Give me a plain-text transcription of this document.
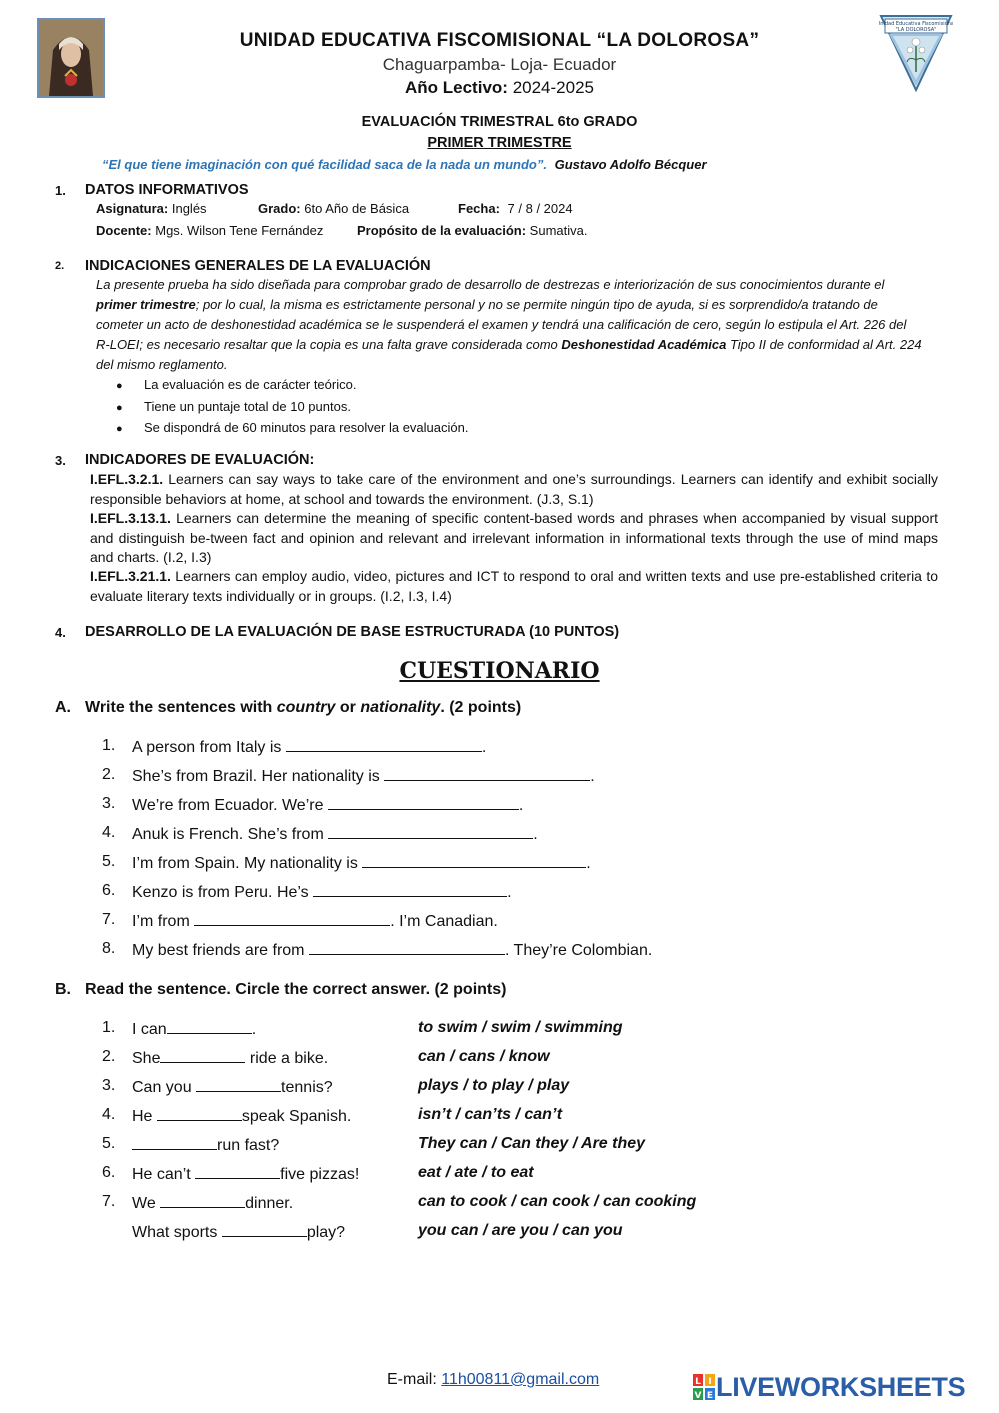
Unidad Educativa Fiscomisional
"LA DOLOROSA"
UNIDAD EDUCATIVA FISCOMISIONAL “LA DOLOROSA”
Chaguarpamba- Loja- Ecuador
Año Lectivo: 2024-2025
EVALUACIÓN TRIMESTRAL 6to GRADO
PRIMER TRIMESTRE
“El que tiene imaginación con qué facilidad saca de la nada un mundo”. Gustavo Adolfo Bécquer
1. DATOS INFORMATIVOS
Asignatura: Inglés	Grado: 6to Año de Básica	Fecha: 7 / 8 / 2024
Docente: Mgs. Wilson Tene Fernández	Propósito de la evaluación: Sumativa.
2. INDICACIONES GENERALES DE LA EVALUACIÓN
La presente prueba ha sido diseñada para comprobar grado de desarrollo de destrezas e interiorización de sus conocimientos durante el
primer trimestre; por lo cual, la misma es estrictamente personal y no se permite ningún tipo de ayuda, si es sorprendido/a tratando de
cometer un acto de deshonestidad académica se le suspenderá el examen y tendrá una calificación de cero, según lo estipula el Art. 226 del
R-LOEI; es necesario resaltar que la copia es una falta grave considerada como Deshonestidad Académica Tipo II de conformidad al Art. 224
del mismo reglamento.
● La evaluación es de carácter teórico.
● Tiene un puntaje total de 10 puntos.
● Se dispondrá de 60 minutos para resolver la evaluación.
3. INDICADORES DE EVALUACIÓN:
I.EFL.3.2.1. Learners can say ways to take care of the environment and one’s surroundings. Learners can identify and exhibit socially responsible behaviors at home, at school and towards the environment. (J.3, S.1)
I.EFL.3.13.1. Learners can determine the meaning of specific content-based words and phrases when accompanied by visual support and distinguish be-tween fact and opinion and relevant and irrelevant information in informational texts through the use of mind maps and charts. (I.2, I.3)
I.EFL.3.21.1. Learners can employ audio, video, pictures and ICT to respond to oral and written texts and use pre-established criteria to evaluate literary texts individually or in groups. (I.2, I.3, I.4)
4. DESARROLLO DE LA EVALUACIÓN DE BASE ESTRUCTURADA (10 PUNTOS)
CUESTIONARIO
A. Write the sentences with country or nationality. (2 points)
1. A person from Italy is	.
2. She’s from Brazil. Her nationality is	.
3. We’re from Ecuador. We’re	.
4. Anuk is French. She’s from	.
5. I’m from Spain. My nationality is	.
6. Kenzo is from Peru. He’s	.
7. I’m from	. I’m Canadian.
8. My best friends are from	. They’re Colombian.
B. Read the sentence. Circle the correct answer. (2 points)
1. I can	.	to swim / swim / swimming
2. She	ride a bike.	can / cans / know
3. Can you	tennis?	plays / to play / play
4. He	speak Spanish.	isn’t / can’ts / can’t
5.	run fast?	They can / Can they / Are they
6. He can’t	five pizzas!	eat / ate / to eat
7. We	dinner.	can to cook / can cook / can cooking
What sports	play?	you can / are you / can you
E-mail: 11h00811@gmail.com	L I
V E LIVEWORKSHEETS
